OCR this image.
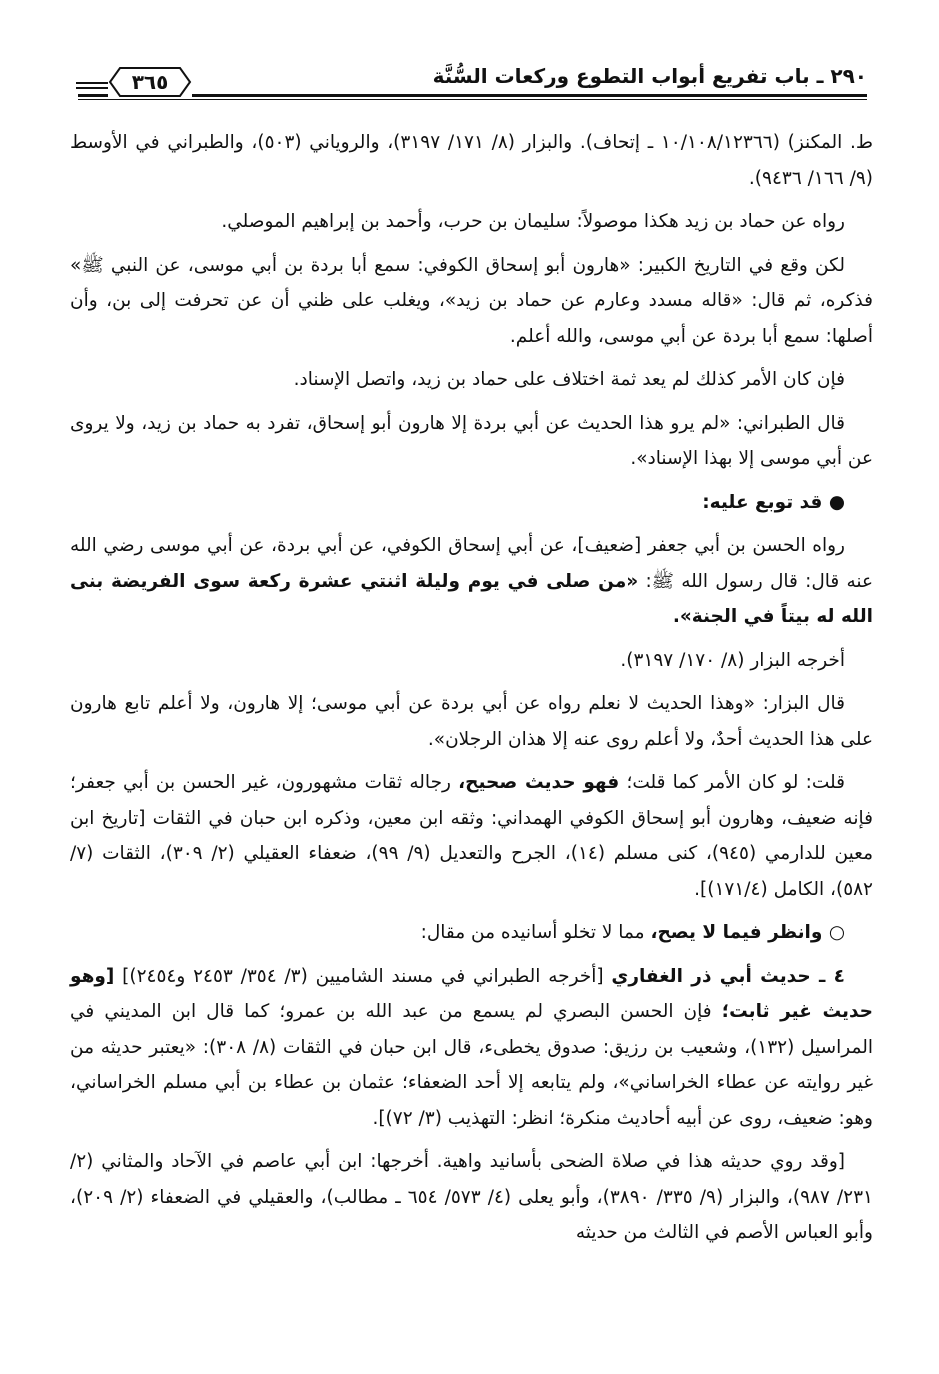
٢٩٠ ـ باب تفريع أبواب التطوع وركعات السُّنَّة
٣٦٥

ط. المكنز) (١٠/١٠٨/١٢٣٦٦ ـ إتحاف). والبزار (٨/ ١٧١/ ٣١٩٧)، والروياني (٥٠٣)، والطبراني في الأوسط (٩/ ١٦٦/ ٩٤٣٦).

رواه عن حماد بن زيد هكذا موصولاً: سليمان بن حرب، وأحمد بن إبراهيم الموصلي.

لكن وقع في التاريخ الكبير: «هارون أبو إسحاق الكوفي: سمع أبا بردة بن أبي موسى، عن النبي ﷺ» فذكره، ثم قال: «قاله مسدد وعارم عن حماد بن زيد»، ويغلب على ظني أن عن تحرفت إلى بن، وأن أصلها: سمع أبا بردة عن أبي موسى، والله أعلم.

فإن كان الأمر كذلك لم يعد ثمة اختلاف على حماد بن زيد، واتصل الإسناد.

قال الطبراني: «لم يرو هذا الحديث عن أبي بردة إلا هارون أبو إسحاق، تفرد به حماد بن زيد، ولا يروى عن أبي موسى إلا بهذا الإسناد».

● قد توبع عليه:

رواه الحسن بن أبي جعفر [ضعيف]، عن أبي إسحاق الكوفي، عن أبي بردة، عن أبي موسى رضي الله عنه قال: قال رسول الله ﷺ: «من صلى في يوم وليلة اثنتي عشرة ركعة سوى الفريضة بنى الله له بيتاً في الجنة».

أخرجه البزار (٨/ ١٧٠/ ٣١٩٧).

قال البزار: «وهذا الحديث لا نعلم رواه عن أبي بردة عن أبي موسى؛ إلا هارون، ولا أعلم تابع هارون على هذا الحديث أحدٌ، ولا أعلم روى عنه إلا هذان الرجلان».

قلت: لو كان الأمر كما قلت؛ فهو حديث صحيح، رجاله ثقات مشهورون، غير الحسن بن أبي جعفر؛ فإنه ضعيف، وهارون أبو إسحاق الكوفي الهمداني: وثقه ابن معين، وذكره ابن حبان في الثقات [تاريخ ابن معين للدارمي (٩٤٥)، كنى مسلم (١٤)، الجرح والتعديل (٩/ ٩٩)، ضعفاء العقيلي (٢/ ٣٠٩)، الثقات (٧/ ٥٨٢)، الكامل (١٧١/٤)].

○ وانظر فيما لا يصح، مما لا تخلو أسانيده من مقال:

٤ ـ حديث أبي ذر الغفاري [أخرجه الطبراني في مسند الشاميين (٣/ ٣٥٤/ ٢٤٥٣ و٢٤٥٤)] [وهو حديث غير ثابت؛ فإن الحسن البصري لم يسمع من عبد الله بن عمرو؛ كما قال ابن المديني في المراسيل (١٣٢)، وشعيب بن رزيق: صدوق يخطىء، قال ابن حبان في الثقات (٨/ ٣٠٨): «يعتبر حديثه من غير روايته عن عطاء الخراساني»، ولم يتابعه إلا أحد الضعفاء؛ عثمان بن عطاء بن أبي مسلم الخراساني، وهو: ضعيف، روى عن أبيه أحاديث منكرة؛ انظر: التهذيب (٣/ ٧٢)].

[وقد روي حديثه هذا في صلاة الضحى بأسانيد واهية. أخرجها: ابن أبي عاصم في الآحاد والمثاني (٢/ ٢٣١/ ٩٨٧)، والبزار (٩/ ٣٣٥/ ٣٨٩٠)، وأبو يعلى (٤/ ٥٧٣/ ٦٥٤ ـ مطالب)، والعقيلي في الضعفاء (٢/ ٢٠٩)، وأبو العباس الأصم في الثالث من حديثه
